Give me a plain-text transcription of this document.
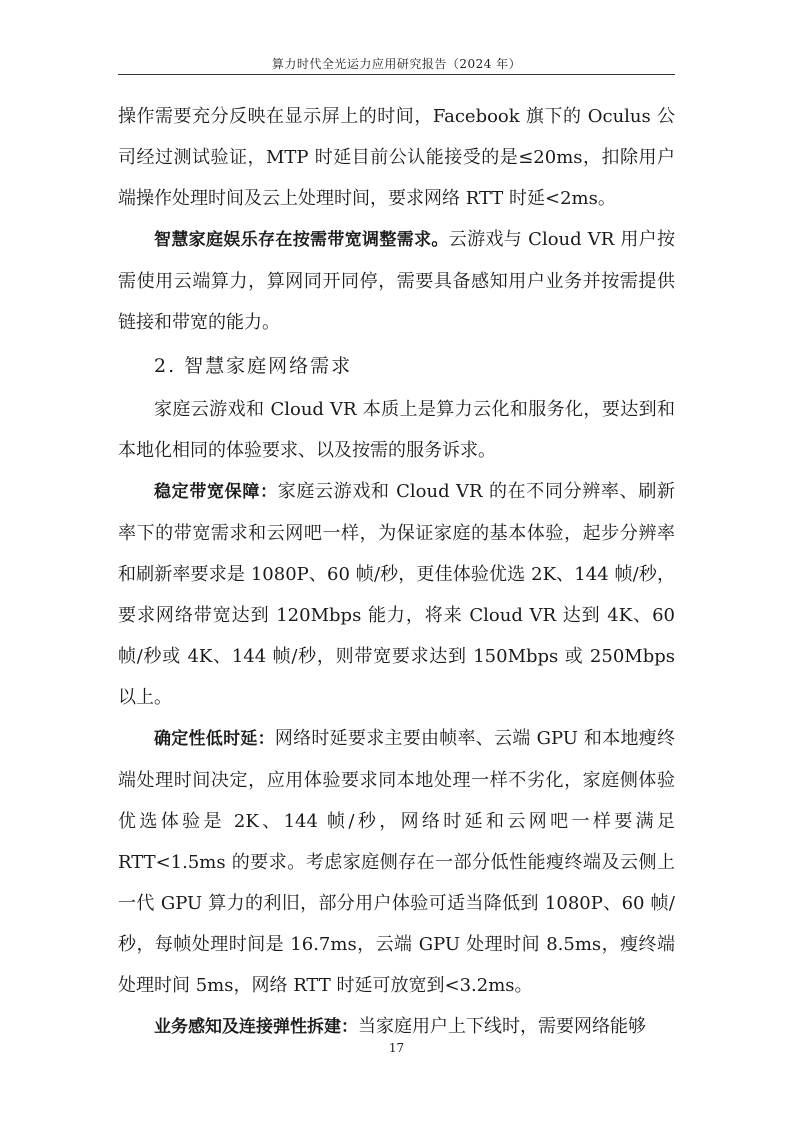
算力时代全光运力应用研究报告（2024 年）

操作需要充分反映在显示屏上的时间，Facebook 旗下的 Oculus 公司经过测试验证，MTP 时延目前公认能接受的是≤20ms，扣除用户端操作处理时间及云上处理时间，要求网络 RTT 时延<2ms。

智慧家庭娱乐存在按需带宽调整需求。云游戏与 Cloud VR 用户按需使用云端算力，算网同开同停，需要具备感知用户业务并按需提供链接和带宽的能力。

2. 智慧家庭网络需求

家庭云游戏和 Cloud VR 本质上是算力云化和服务化，要达到和本地化相同的体验要求、以及按需的服务诉求。

稳定带宽保障：家庭云游戏和 Cloud VR 的在不同分辨率、刷新率下的带宽需求和云网吧一样，为保证家庭的基本体验，起步分辨率和刷新率要求是 1080P、60 帧/秒，更佳体验优选 2K、144 帧/秒，要求网络带宽达到 120Mbps 能力，将来 Cloud VR 达到 4K、60 帧/秒或 4K、144 帧/秒，则带宽要求达到 150Mbps 或 250Mbps 以上。

确定性低时延：网络时延要求主要由帧率、云端 GPU 和本地瘦终端处理时间决定，应用体验要求同本地处理一样不劣化，家庭侧体验优选体验是 2K、144 帧/秒，网络时延和云网吧一样要满足 RTT<1.5ms 的要求。考虑家庭侧存在一部分低性能瘦终端及云侧上一代 GPU 算力的利旧，部分用户体验可适当降低到 1080P、60 帧/秒，每帧处理时间是 16.7ms，云端 GPU 处理时间 8.5ms，瘦终端处理时间 5ms，网络 RTT 时延可放宽到<3.2ms。

业务感知及连接弹性拆建：当家庭用户上下线时，需要网络能够

17
